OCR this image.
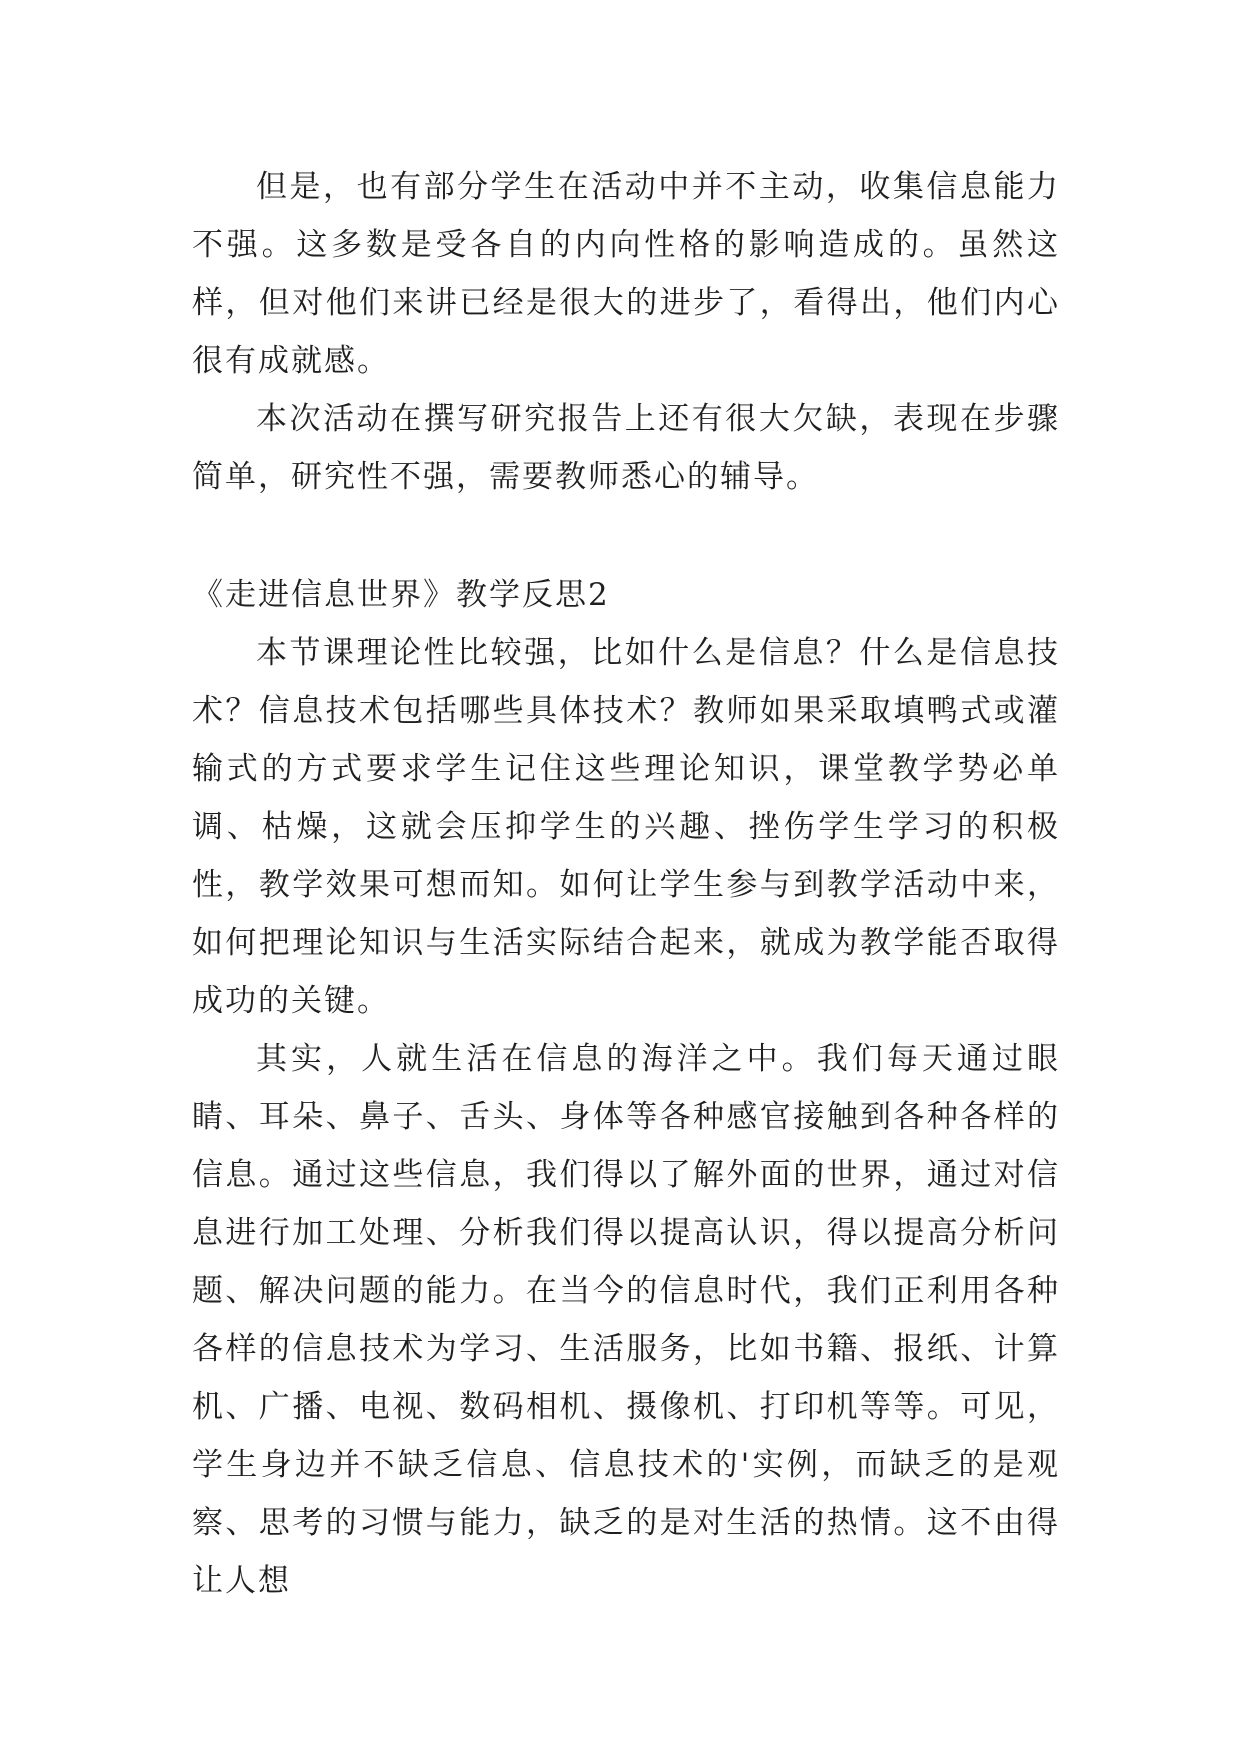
但是，也有部分学生在活动中并不主动，收集信息能力不强。这多数是受各自的内向性格的影响造成的。虽然这样，但对他们来讲已经是很大的进步了，看得出，他们内心很有成就感。

本次活动在撰写研究报告上还有很大欠缺，表现在步骤简单，研究性不强，需要教师悉心的辅导。

《走进信息世界》教学反思2

本节课理论性比较强，比如什么是信息？什么是信息技术？信息技术包括哪些具体技术？教师如果采取填鸭式或灌输式的方式要求学生记住这些理论知识，课堂教学势必单调、枯燥，这就会压抑学生的兴趣、挫伤学生学习的积极性，教学效果可想而知。如何让学生参与到教学活动中来，如何把理论知识与生活实际结合起来，就成为教学能否取得成功的关键。

其实，人就生活在信息的海洋之中。我们每天通过眼睛、耳朵、鼻子、舌头、身体等各种感官接触到各种各样的信息。通过这些信息，我们得以了解外面的世界，通过对信息进行加工处理、分析我们得以提高认识，得以提高分析问题、解决问题的能力。在当今的信息时代，我们正利用各种各样的信息技术为学习、生活服务，比如书籍、报纸、计算机、广播、电视、数码相机、摄像机、打印机等等。可见，学生身边并不缺乏信息、信息技术的'实例，而缺乏的是观察、思考的习惯与能力，缺乏的是对生活的热情。这不由得让人想
